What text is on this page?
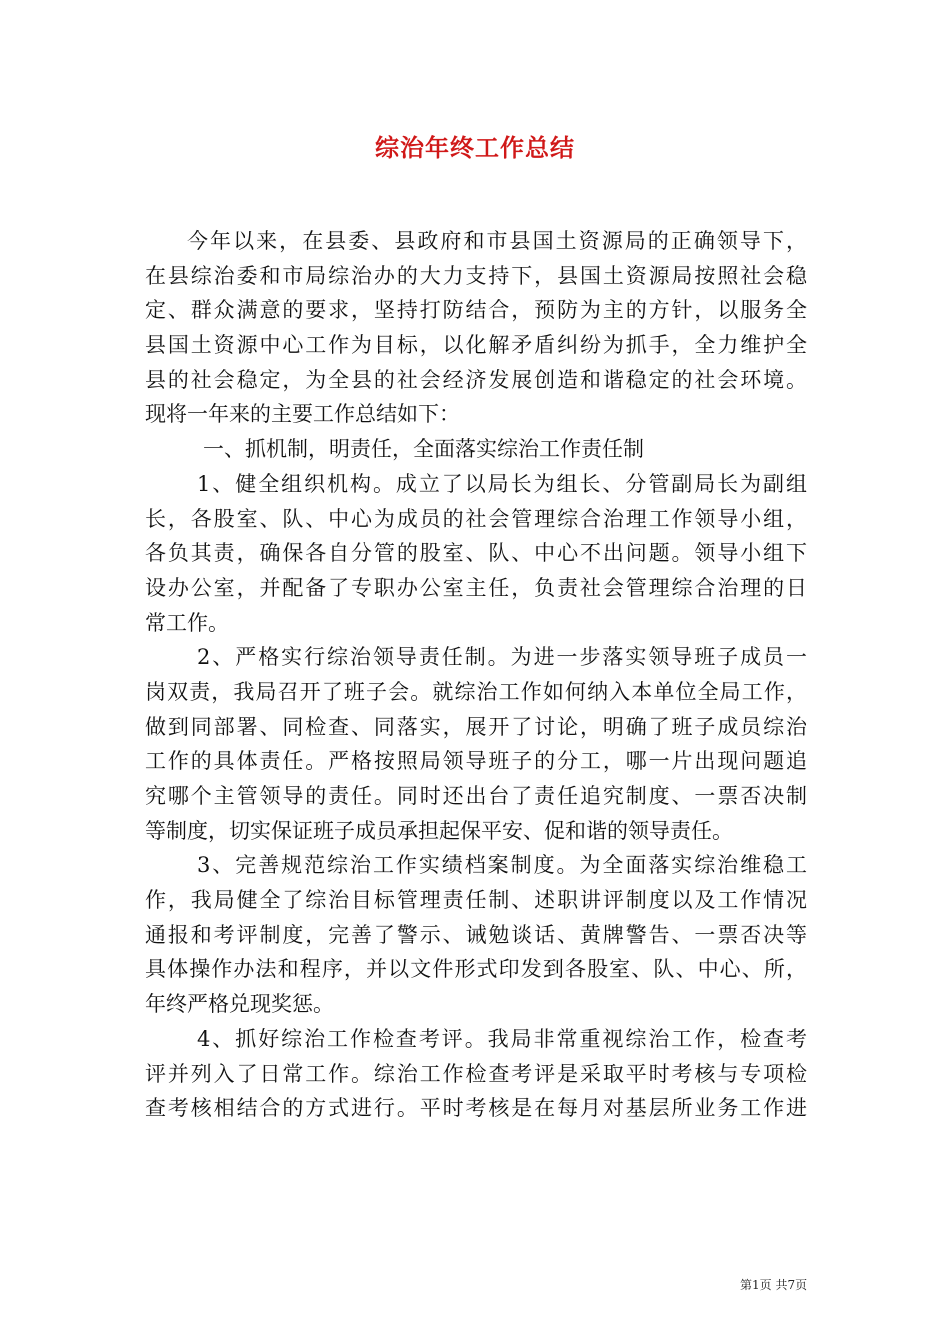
综治年终工作总结
今年以来，在县委、县政府和市县国土资源局的正确领导下，
在县综治委和市局综治办的大力支持下，县国土资源局按照社会稳
定、群众满意的要求，坚持打防结合，预防为主的方针，以服务全
县国土资源中心工作为目标，以化解矛盾纠纷为抓手，全力维护全
县的社会稳定，为全县的社会经济发展创造和谐稳定的社会环境。
现将一年来的主要工作总结如下：
一、抓机制，明责任，全面落实综治工作责任制
1、健全组织机构。成立了以局长为组长、分管副局长为副组
长，各股室、队、中心为成员的社会管理综合治理工作领导小组，
各负其责，确保各自分管的股室、队、中心不出问题。领导小组下
设办公室，并配备了专职办公室主任，负责社会管理综合治理的日
常工作。
2、严格实行综治领导责任制。为进一步落实领导班子成员一
岗双责，我局召开了班子会。就综治工作如何纳入本单位全局工作，
做到同部署、同检查、同落实，展开了讨论，明确了班子成员综治
工作的具体责任。严格按照局领导班子的分工，哪一片出现问题追
究哪个主管领导的责任。同时还出台了责任追究制度、一票否决制
等制度，切实保证班子成员承担起保平安、促和谐的领导责任。
3、完善规范综治工作实绩档案制度。为全面落实综治维稳工
作，我局健全了综治目标管理责任制、述职讲评制度以及工作情况
通报和考评制度，完善了警示、诫勉谈话、黄牌警告、一票否决等
具体操作办法和程序，并以文件形式印发到各股室、队、中心、所，
年终严格兑现奖惩。
4、抓好综治工作检查考评。我局非常重视综治工作，检查考
评并列入了日常工作。综治工作检查考评是采取平时考核与专项检
查考核相结合的方式进行。平时考核是在每月对基层所业务工作进
第1页 共7页
